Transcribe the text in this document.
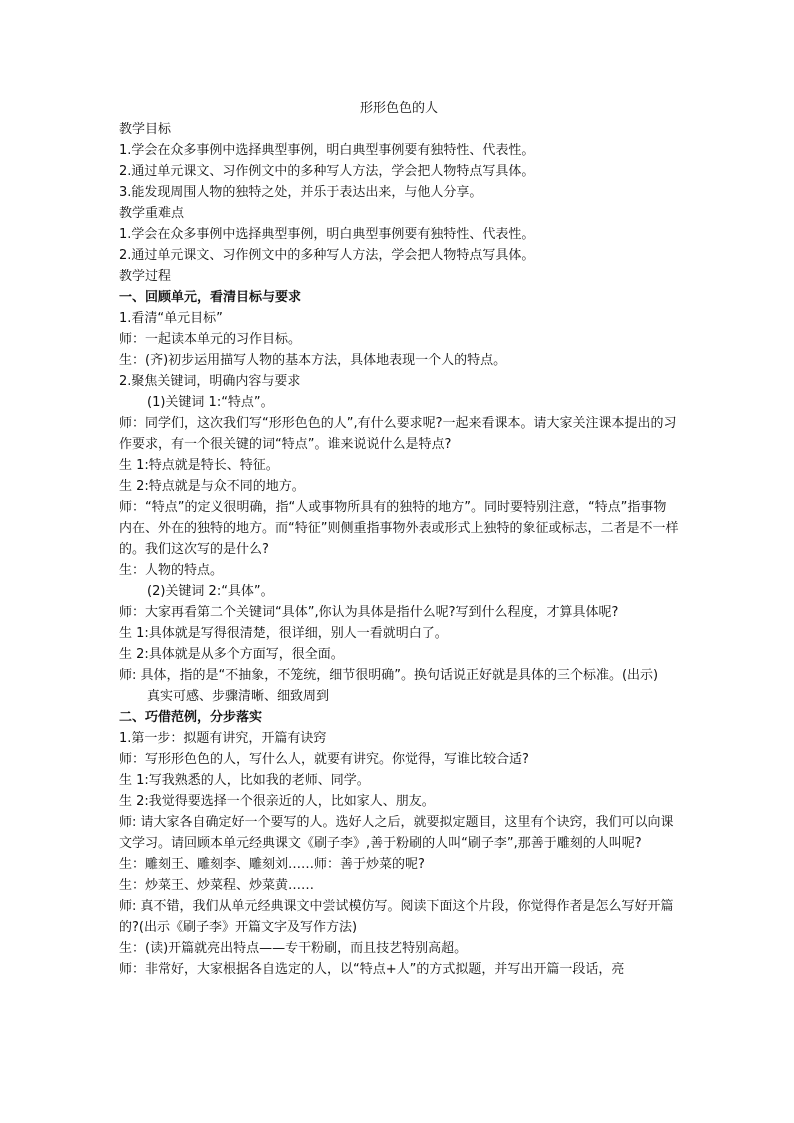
形形色色的人

教学目标

1.学会在众多事例中选择典型事例，明白典型事例要有独特性、代表性。

2.通过单元课文、习作例文中的多种写人方法，学会把人物特点写具体。

3.能发现周围人物的独特之处，并乐于表达出来，与他人分享。

教学重难点

1.学会在众多事例中选择典型事例，明白典型事例要有独特性、代表性。

2.通过单元课文、习作例文中的多种写人方法，学会把人物特点写具体。

教学过程

一、回顾单元，看清目标与要求

1.看清“单元目标”

师：一起读本单元的习作目标。

生：(齐)初步运用描写人物的基本方法，具体地表现一个人的特点。

2.聚焦关键词，明确内容与要求

(1)关键词 1:“特点”。

师：同学们，这次我们写“形形色色的人”,有什么要求呢?一起来看课本。请大家关注课本提出的习作要求，有一个很关键的词“特点”。谁来说说什么是特点?

生 1:特点就是特长、特征。

生 2:特点就是与众不同的地方。

师：“特点”的定义很明确，指“人或事物所具有的独特的地方”。同时要特别注意，“特点”指事物内在、外在的独特的地方。而“特征”则侧重指事物外表或形式上独特的象征或标志，二者是不一样的。我们这次写的是什么?

生：人物的特点。

(2)关键词 2:“具体”。

师：大家再看第二个关键词“具体”,你认为具体是指什么呢?写到什么程度，才算具体呢?

生 1:具体就是写得很清楚，很详细，别人一看就明白了。

生 2:具体就是从多个方面写，很全面。

师: 具体，指的是“不抽象，不笼统，细节很明确”。换句话说正好就是具体的三个标准。(出示)

真实可感、步骤清晰、细致周到

二、巧借范例，分步落实

1.第一步：拟题有讲究，开篇有诀窍

师：写形形色色的人，写什么人，就要有讲究。你觉得，写谁比较合适?

生 1:写我熟悉的人，比如我的老师、同学。

生 2:我觉得要选择一个很亲近的人，比如家人、朋友。

师: 请大家各自确定好一个要写的人。选好人之后，就要拟定题目，这里有个诀窍，我们可以向课文学习。请回顾本单元经典课文《刷子李》,善于粉刷的人叫“刷子李”,那善于雕刻的人叫呢?

生：雕刻王、雕刻李、雕刻刘……师：善于炒菜的呢?

生：炒菜王、炒菜程、炒菜黄……

师: 真不错，我们从单元经典课文中尝试模仿写。阅读下面这个片段，你觉得作者是怎么写好开篇的?(出示《刷子李》开篇文字及写作方法)

生：(读)开篇就亮出特点——专干粉刷，而且技艺特别高超。

师：非常好，大家根据各自选定的人，以“特点+人”的方式拟题，并写出开篇一段话，亮
